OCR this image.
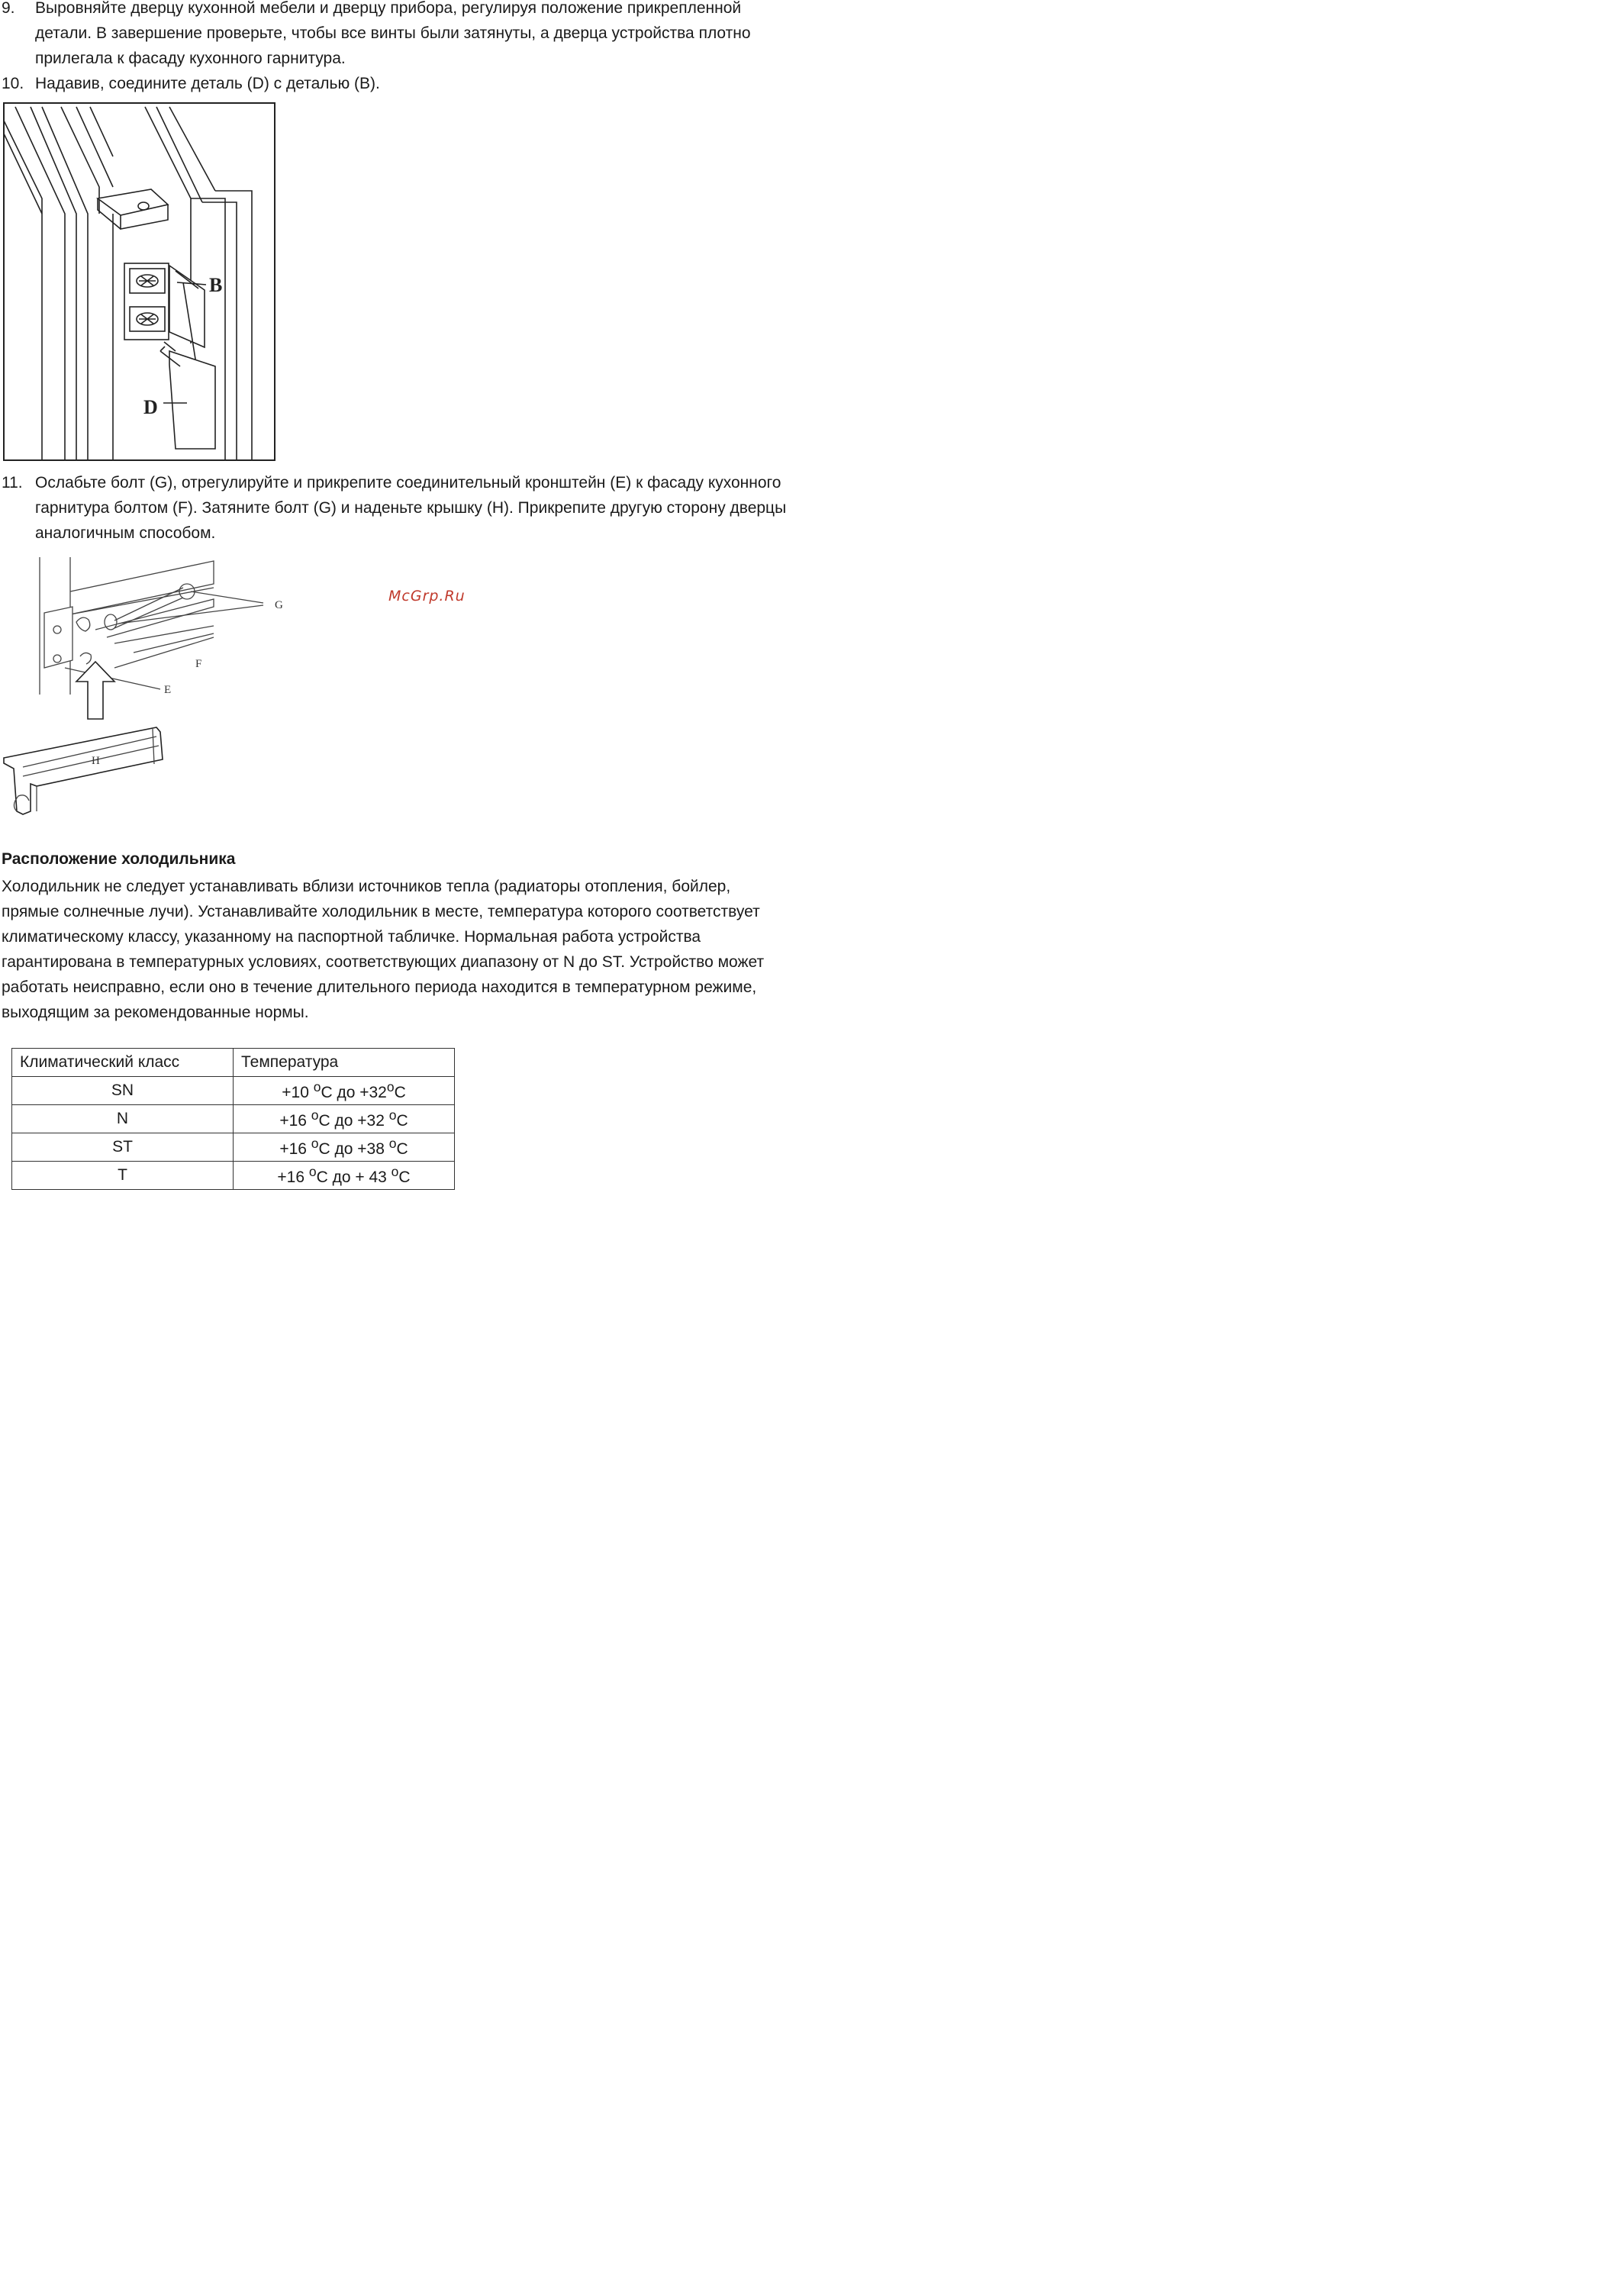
9. Выровняйте дверцу кухонной мебели и дверцу прибора, регулируя положение прикрепленной
детали. В завершение проверьте, чтобы все винты были затянуты, а дверца устройства плотно
прилегала к фасаду кухонного гарнитура.
10. Надавив, соедините деталь (D) с деталью (B).
B
D
11. Ослабьте болт (G), отрегулируйте и прикрепите соединительный кронштейн (E) к фасаду кухонного
гарнитура болтом (F). Затяните болт (G) и наденьте крышку (H). Прикрепите другую сторону дверцы
аналогичным способом.
G
F
E
H
McGrp.Ru
Расположение холодильника
Холодильник не следует устанавливать вблизи источников тепла (радиаторы отопления, бойлер,
прямые солнечные лучи). Устанавливайте холодильник в месте, температура которого соответствует
климатическому классу, указанному на паспортной табличке. Нормальная работа устройства
гарантирована в температурных условиях, соответствующих диапазону от N до ST. Устройство может
работать неисправно, если оно в течение длительного периода находится в температурном режиме,
выходящим за рекомендованные нормы.
Климатический класс	Температура
SN	+10 $^o$C до $+32^oC$
N	+16 $^o$C до +32 $^o$C
ST	+16 $^o$C до +38 $^o$C
T	+16 $^o$C до + 43 $^o$C
